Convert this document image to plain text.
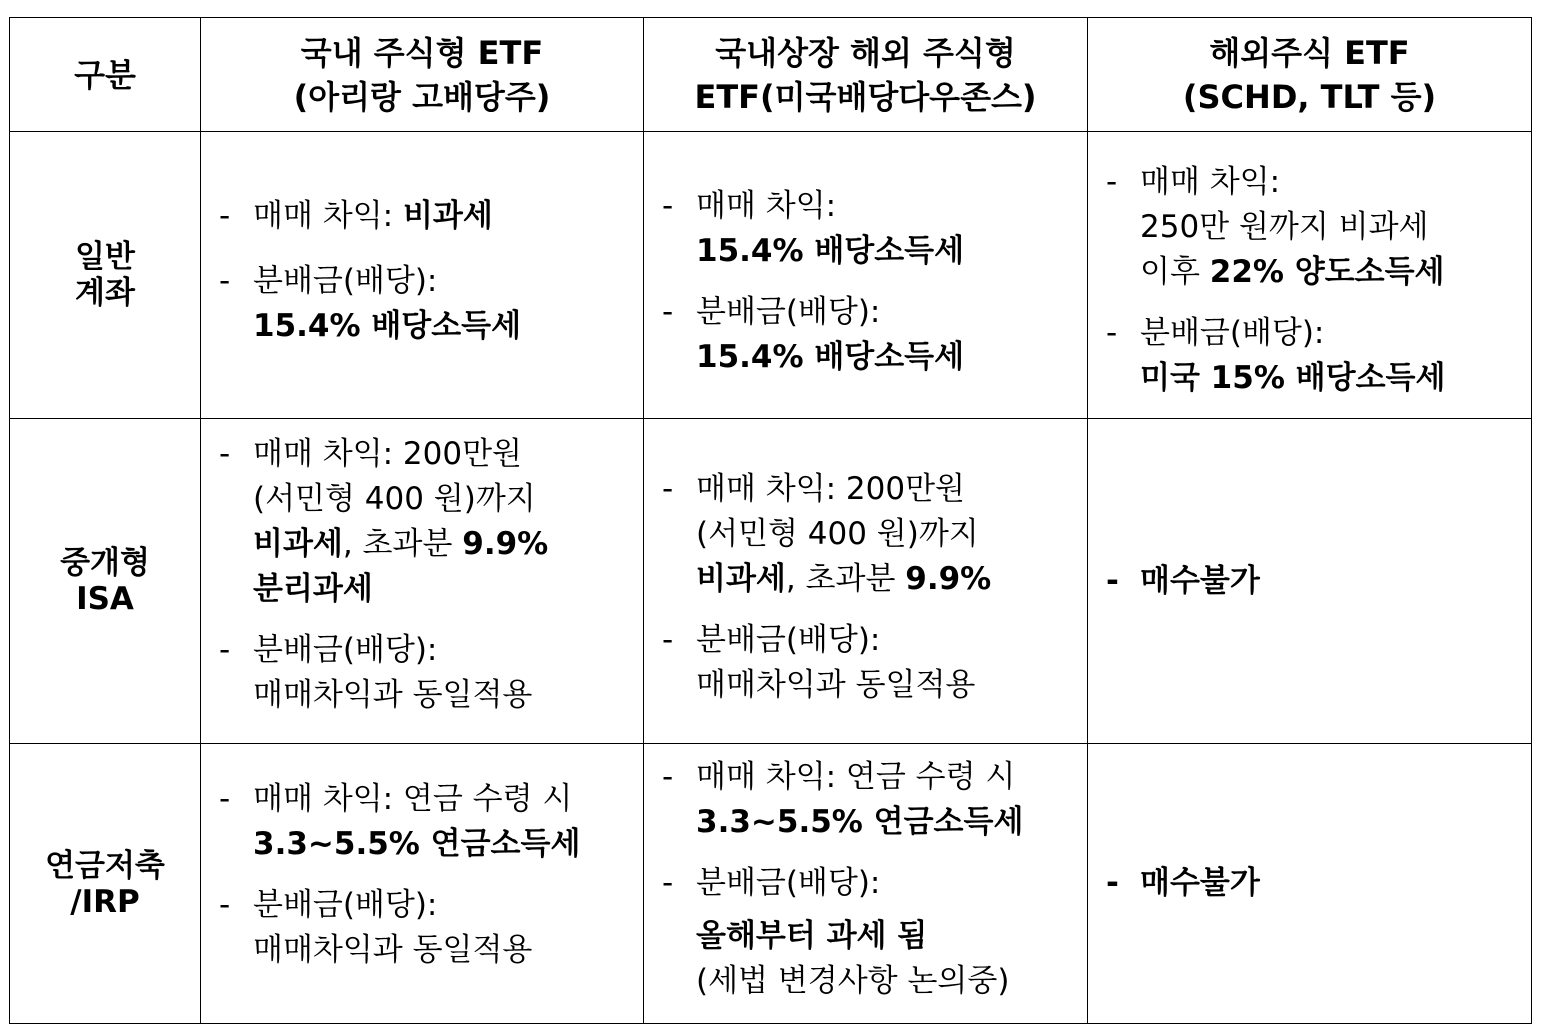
구분
국내 주식형 ETF
(아리랑 고배당주)
국내상장 해외 주식형
ETF(미국배당다우존스)
해외주식 ETF
(SCHD, TLT 등)
일반
계좌
- 매매 차익: 비과세
- 분배금(배당):
15.4% 배당소득세
- 매매 차익:
15.4% 배당소득세
- 분배금(배당):
15.4% 배당소득세
- 매매 차익:
250만 원까지 비과세
이후 22% 양도소득세
- 분배금(배당):
미국 15% 배당소득세
중개형
ISA
- 매매 차익: 200만원
(서민형 400 원)까지
비과세, 초과분 9.9%
분리과세
- 분배금(배당):
매매차익과 동일적용
- 매매 차익: 200만원
(서민형 400 원)까지
비과세, 초과분 9.9%
- 분배금(배당):
매매차익과 동일적용
- 매수불가
연금저축
/IRP
- 매매 차익: 연금 수령 시
3.3~5.5% 연금소득세
- 분배금(배당):
매매차익과 동일적용
- 매매 차익: 연금 수령 시
3.3~5.5% 연금소득세
- 분배금(배당):
올해부터 과세 됨
(세법 변경사항 논의중)
- 매수불가
